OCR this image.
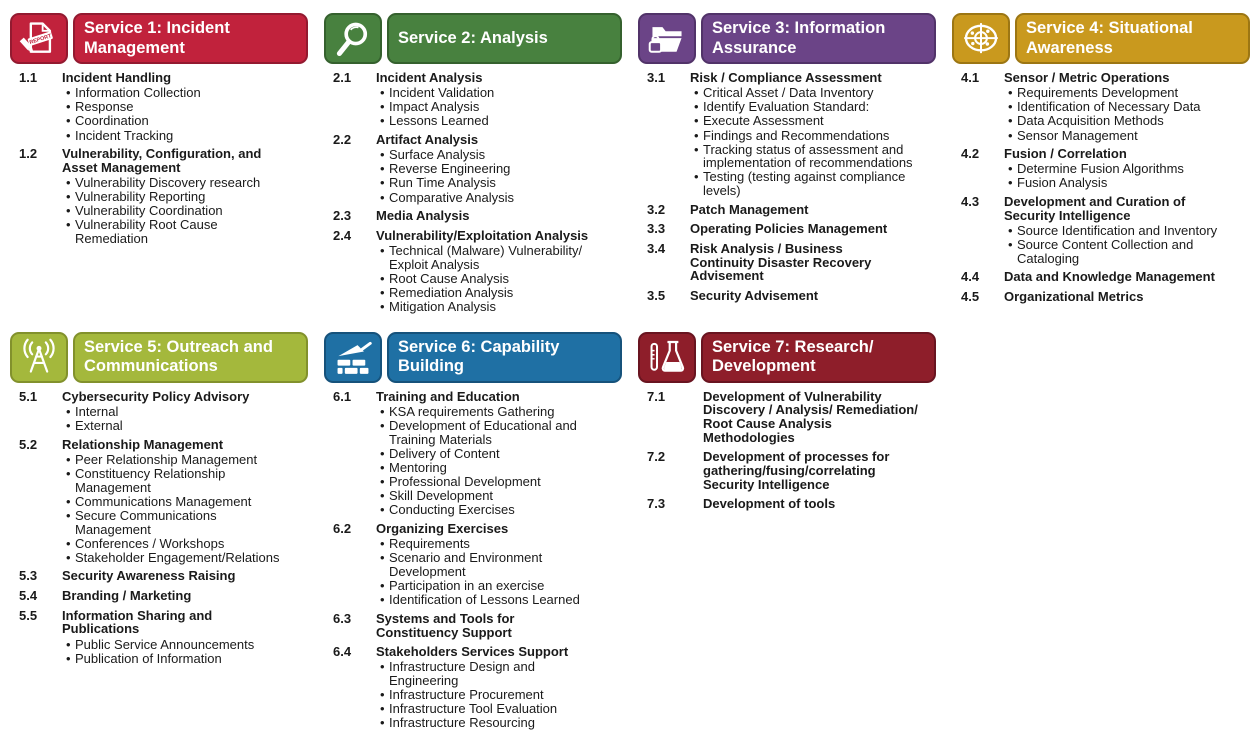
REPORT
Service 1: Incident Management
1.1	Incident Handling
• Information Collection
• Response
• Coordination
• Incident Tracking
1.2	Vulnerability, Configuration, and Asset Management
• Vulnerability Discovery research
• Vulnerability Reporting
• Vulnerability Coordination
• Vulnerability Root Cause Remediation
Service 2: Analysis
2.1	Incident Analysis
• Incident Validation
• Impact Analysis
• Lessons Learned
2.2	Artifact Analysis
• Surface Analysis
• Reverse Engineering
• Run Time Analysis
• Comparative Analysis
2.3	Media Analysis
2.4	Vulnerability/Exploitation Analysis
• Technical (Malware) Vulnerability/ Exploit Analysis
• Root Cause Analysis
• Remediation Analysis
• Mitigation Analysis
Service 3: Information Assurance
3.1	Risk / Compliance Assessment
• Critical Asset / Data Inventory
• Identify Evaluation Standard:
• Execute Assessment
• Findings and Recommendations
• Tracking status of assessment and implementation of recommendations
• Testing (testing against compliance levels)
3.2	Patch Management
3.3	Operating Policies Management
3.4	Risk Analysis / Business Continuity Disaster Recovery Advisement
3.5	Security Advisement
Service 4: Situational Awareness
4.1	Sensor / Metric Operations
• Requirements Development
• Identification of Necessary Data
• Data Acquisition Methods
• Sensor Management
4.2	Fusion / Correlation
• Determine Fusion Algorithms
• Fusion Analysis
4.3	Development and Curation of Security Intelligence
• Source Identification and Inventory
• Source Content Collection and Cataloging
4.4	Data and Knowledge Management
4.5	Organizational Metrics
Service 5: Outreach and Communications
5.1	Cybersecurity Policy Advisory
• Internal
• External
5.2	Relationship Management
• Peer Relationship Management
• Constituency Relationship Management
• Communications Management
• Secure Communications Management
• Conferences / Workshops
• Stakeholder Engagement/Relations
5.3	Security Awareness Raising
5.4	Branding / Marketing
5.5	Information Sharing and Publications
• Public Service Announcements
• Publication of Information
Service 6: Capability Building
6.1	Training and Education
• KSA requirements Gathering
• Development of Educational and Training Materials
• Delivery of Content
• Mentoring
• Professional Development
• Skill Development
• Conducting Exercises
6.2	Organizing Exercises
• Requirements
• Scenario and Environment Development
• Participation in an exercise
• Identification of Lessons Learned
6.3	Systems and Tools for Constituency Support
6.4	Stakeholders Services Support
• Infrastructure Design and Engineering
• Infrastructure Procurement
• Infrastructure Tool Evaluation
• Infrastructure Resourcing
Service 7: Research/ Development
7.1	Development of Vulnerability Discovery / Analysis/ Remediation/ Root Cause Analysis Methodologies
7.2	Development of processes for gathering/fusing/correlating Security Intelligence
7.3	Development of tools
